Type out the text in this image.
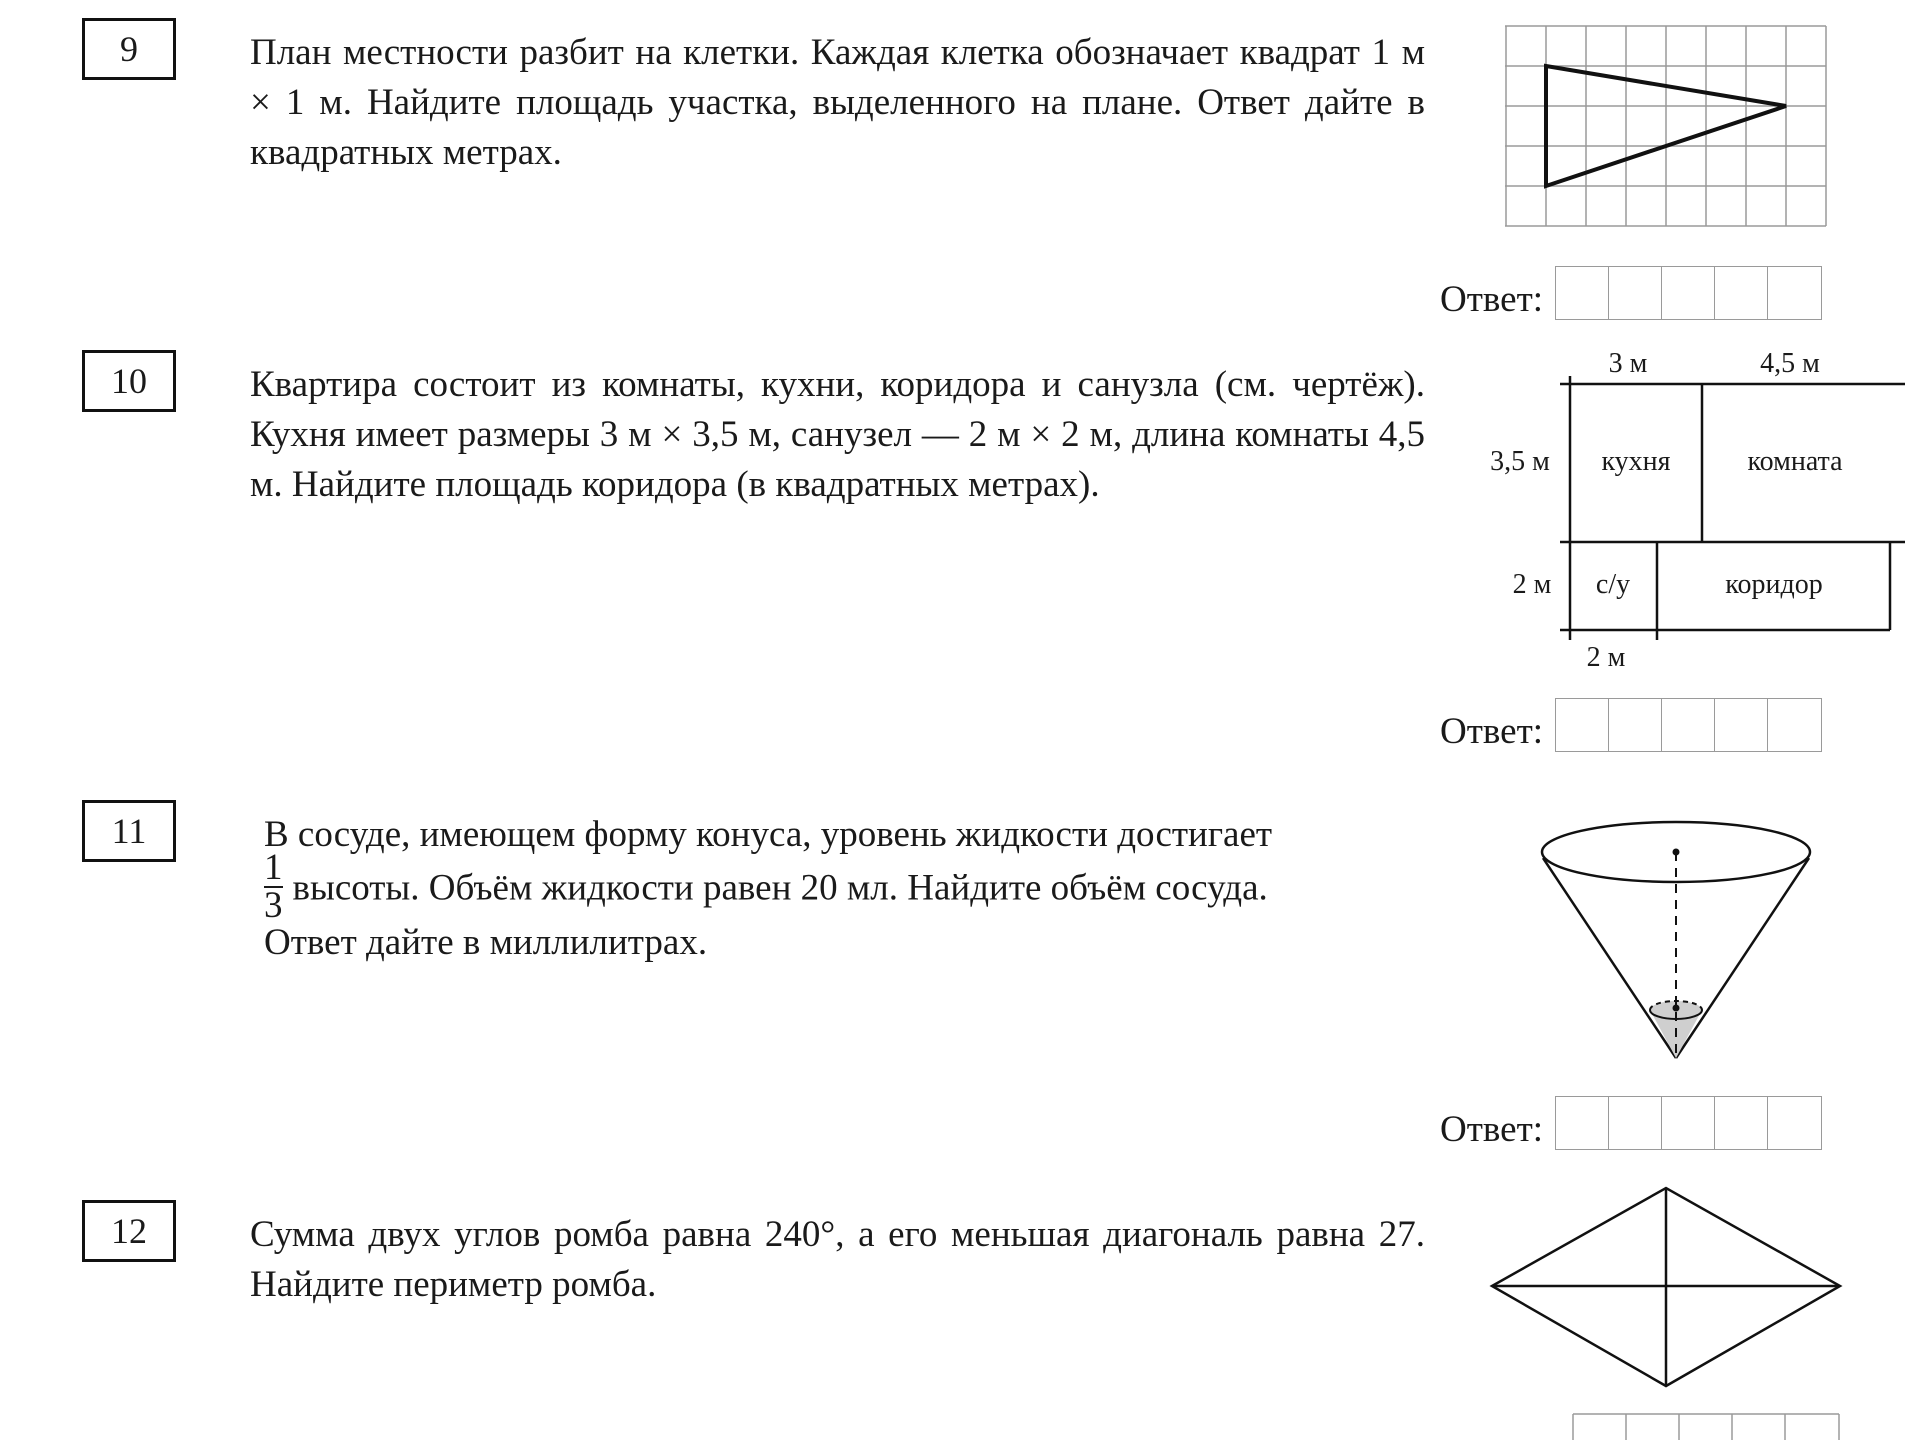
9	План местности разбит на клетки. Каждая клетка обозначает квадрат 1 м × 1 м. Найдите площадь участка, выделенного на плане. Ответ дайте в квадратных метрах.

Ответ:
10	Квартира состоит из комнаты, кухни, коридора и санузла (см. чертёж). Кухня имеет размеры 3 м × 3,5 м, санузел — 2 м × 2 м, длина комнаты 4,5 м. Найдите площадь коридора (в квадратных метрах).

3 м	4,5 м
3,5 м
2 м
2 м
кухня	комната
с/у	коридор
Ответ:
11	В сосуде, имеющем форму конуса, уровень жидкости достигает

$\frac{1}{3}$ высоты. Объём жидкости равен 20 мл. Найдите объём сосуда.

Ответ дайте в миллилитрах.

Ответ:
12	Сумма двух углов ромба равна 240°, а его меньшая диагональ равна 27. Найдите периметр ромба.
